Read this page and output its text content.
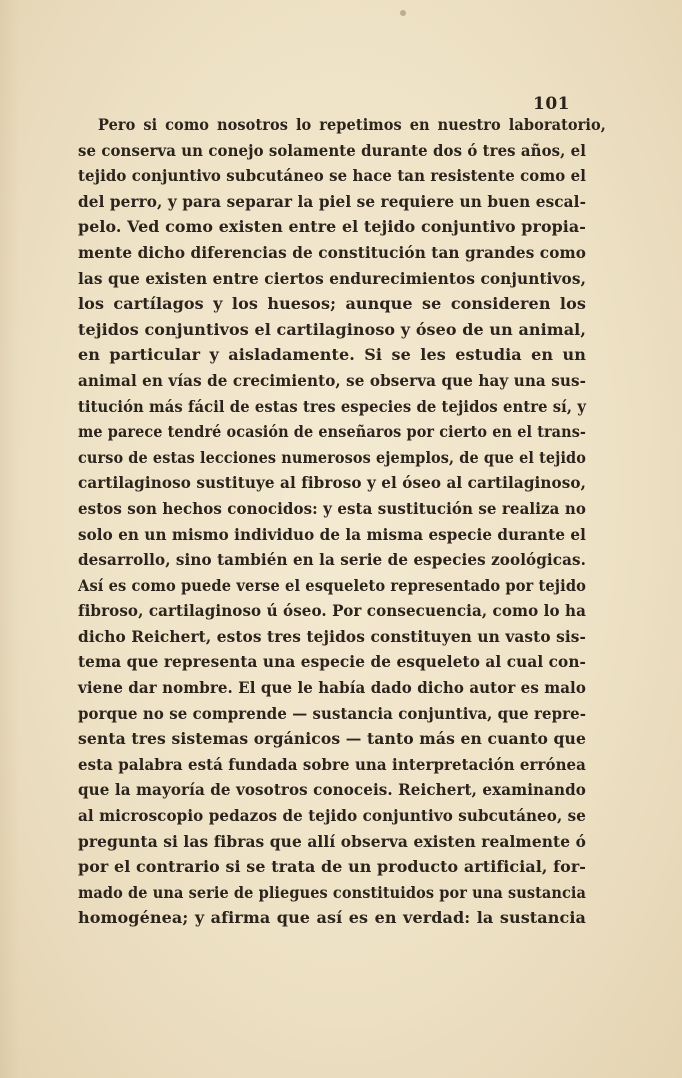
101
Pero si como nosotros lo repetimos en nuestro laboratorio,
se conserva un conejo solamente durante dos ó tres años, el
tejido conjuntivo subcutáneo se hace tan resistente como el
del perro, y para separar la piel se requiere un buen escal-
pelo. Ved como existen entre el tejido conjuntivo propia-
mente dicho diferencias de constitución tan grandes como
las que existen entre ciertos endurecimientos conjuntivos,
los cartílagos y los huesos; aunque se consideren los
tejidos conjuntivos el cartilaginoso y óseo de un animal,
en particular y aisladamente. Si se les estudia en un
animal en vías de crecimiento, se observa que hay una sus-
titución más fácil de estas tres especies de tejidos entre sí, y
me parece tendré ocasión de enseñaros por cierto en el trans-
curso de estas lecciones numerosos ejemplos, de que el tejido
cartilaginoso sustituye al fibroso y el óseo al cartilaginoso,
estos son hechos conocidos: y esta sustitución se realiza no
solo en un mismo individuo de la misma especie durante el
desarrollo, sino también en la serie de especies zoológicas.
Así es como puede verse el esqueleto representado por tejido
fibroso, cartilaginoso ú óseo. Por consecuencia, como lo ha
dicho Reichert, estos tres tejidos constituyen un vasto sis-
tema que representa una especie de esqueleto al cual con-
viene dar nombre. El que le había dado dicho autor es malo
porque no se comprende — sustancia conjuntiva, que repre-
senta tres sistemas orgánicos — tanto más en cuanto que
esta palabra está fundada sobre una interpretación errónea
que la mayoría de vosotros conoceis. Reichert, examinando
al microscopio pedazos de tejido conjuntivo subcutáneo, se
pregunta si las fibras que allí observa existen realmente ó
por el contrario si se trata de un producto artificial, for-
mado de una serie de pliegues constituidos por una sustancia
homogénea; y afirma que así es en verdad: la sustancia
